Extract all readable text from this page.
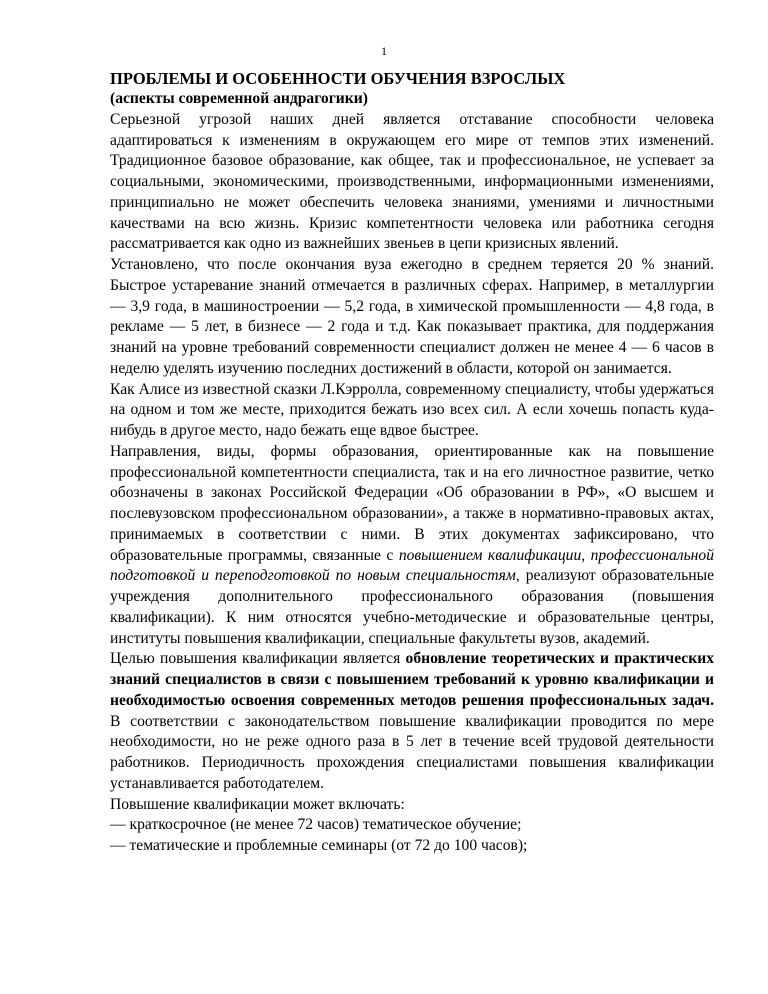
1
ПРОБЛЕМЫ И ОСОБЕННОСТИ ОБУЧЕНИЯ ВЗРОСЛЫХ
(аспекты современной андрагогики)

Серьезной угрозой наших дней является отставание способности человека адаптироваться к изменениям в окружающем его мире от темпов этих изменений. Традиционное базовое образование, как общее, так и профессиональное, не успевает за социальными, экономическими, производственными, информационными изменениями, принципиально не может обеспечить человека знаниями, умениями и личностными качествами на всю жизнь. Кризис компетентности человека или работника сегодня рассматривается как одно из важнейших звеньев в цепи кризисных явлений.

Установлено, что после окончания вуза ежегодно в среднем теряется 20 % знаний. Быстрое устаревание знаний отмечается в различных сферах. Например, в металлургии — 3,9 года, в машиностроении — 5,2 года, в химической промышленности — 4,8 года, в рекламе — 5 лет, в бизнесе — 2 года и т.д. Как показывает практика, для поддержания знаний на уровне требований современности специалист должен не менее 4 — 6 часов в неделю уделять изучению последних достижений в области, которой он занимается.

Как Алисе из известной сказки Л.Кэрролла, современному специалисту, чтобы удержаться на одном и том же месте, приходится бежать изо всех сил. А если хочешь попасть куда-нибудь в другое место, надо бежать еще вдвое быстрее.

Направления, виды, формы образования, ориентированные как на повышение профессиональной компетентности специалиста, так и на его личностное развитие, четко обозначены в законах Российской Федерации «Об образовании в РФ», «О высшем и послевузовском профессиональном образовании», а также в нормативно-правовых актах, принимаемых в соответствии с ними. В этих документах зафиксировано, что образовательные программы, связанные с повышением квалификации, профессиональной подготовкой и переподготовкой по новым специальностям, реализуют образовательные учреждения дополнительного профессионального образования (повышения квалификации). К ним относятся учебно-методические и образовательные центры, институты повышения квалификации, специальные факультеты вузов, академий.

Целью повышения квалификации является обновление теоретических и практических знаний специалистов в связи с повышением требований к уровню квалификации и необходимостью освоения современных методов решения профессиональных задач. В соответствии с законодательством повышение квалификации проводится по мере необходимости, но не реже одного раза в 5 лет в течение всей трудовой деятельности работников. Периодичность прохождения специалистами повышения квалификации устанавливается работодателем.

Повышение квалификации может включать:
— краткосрочное (не менее 72 часов) тематическое обучение;
— тематические и проблемные семинары (от 72 до 100 часов);
